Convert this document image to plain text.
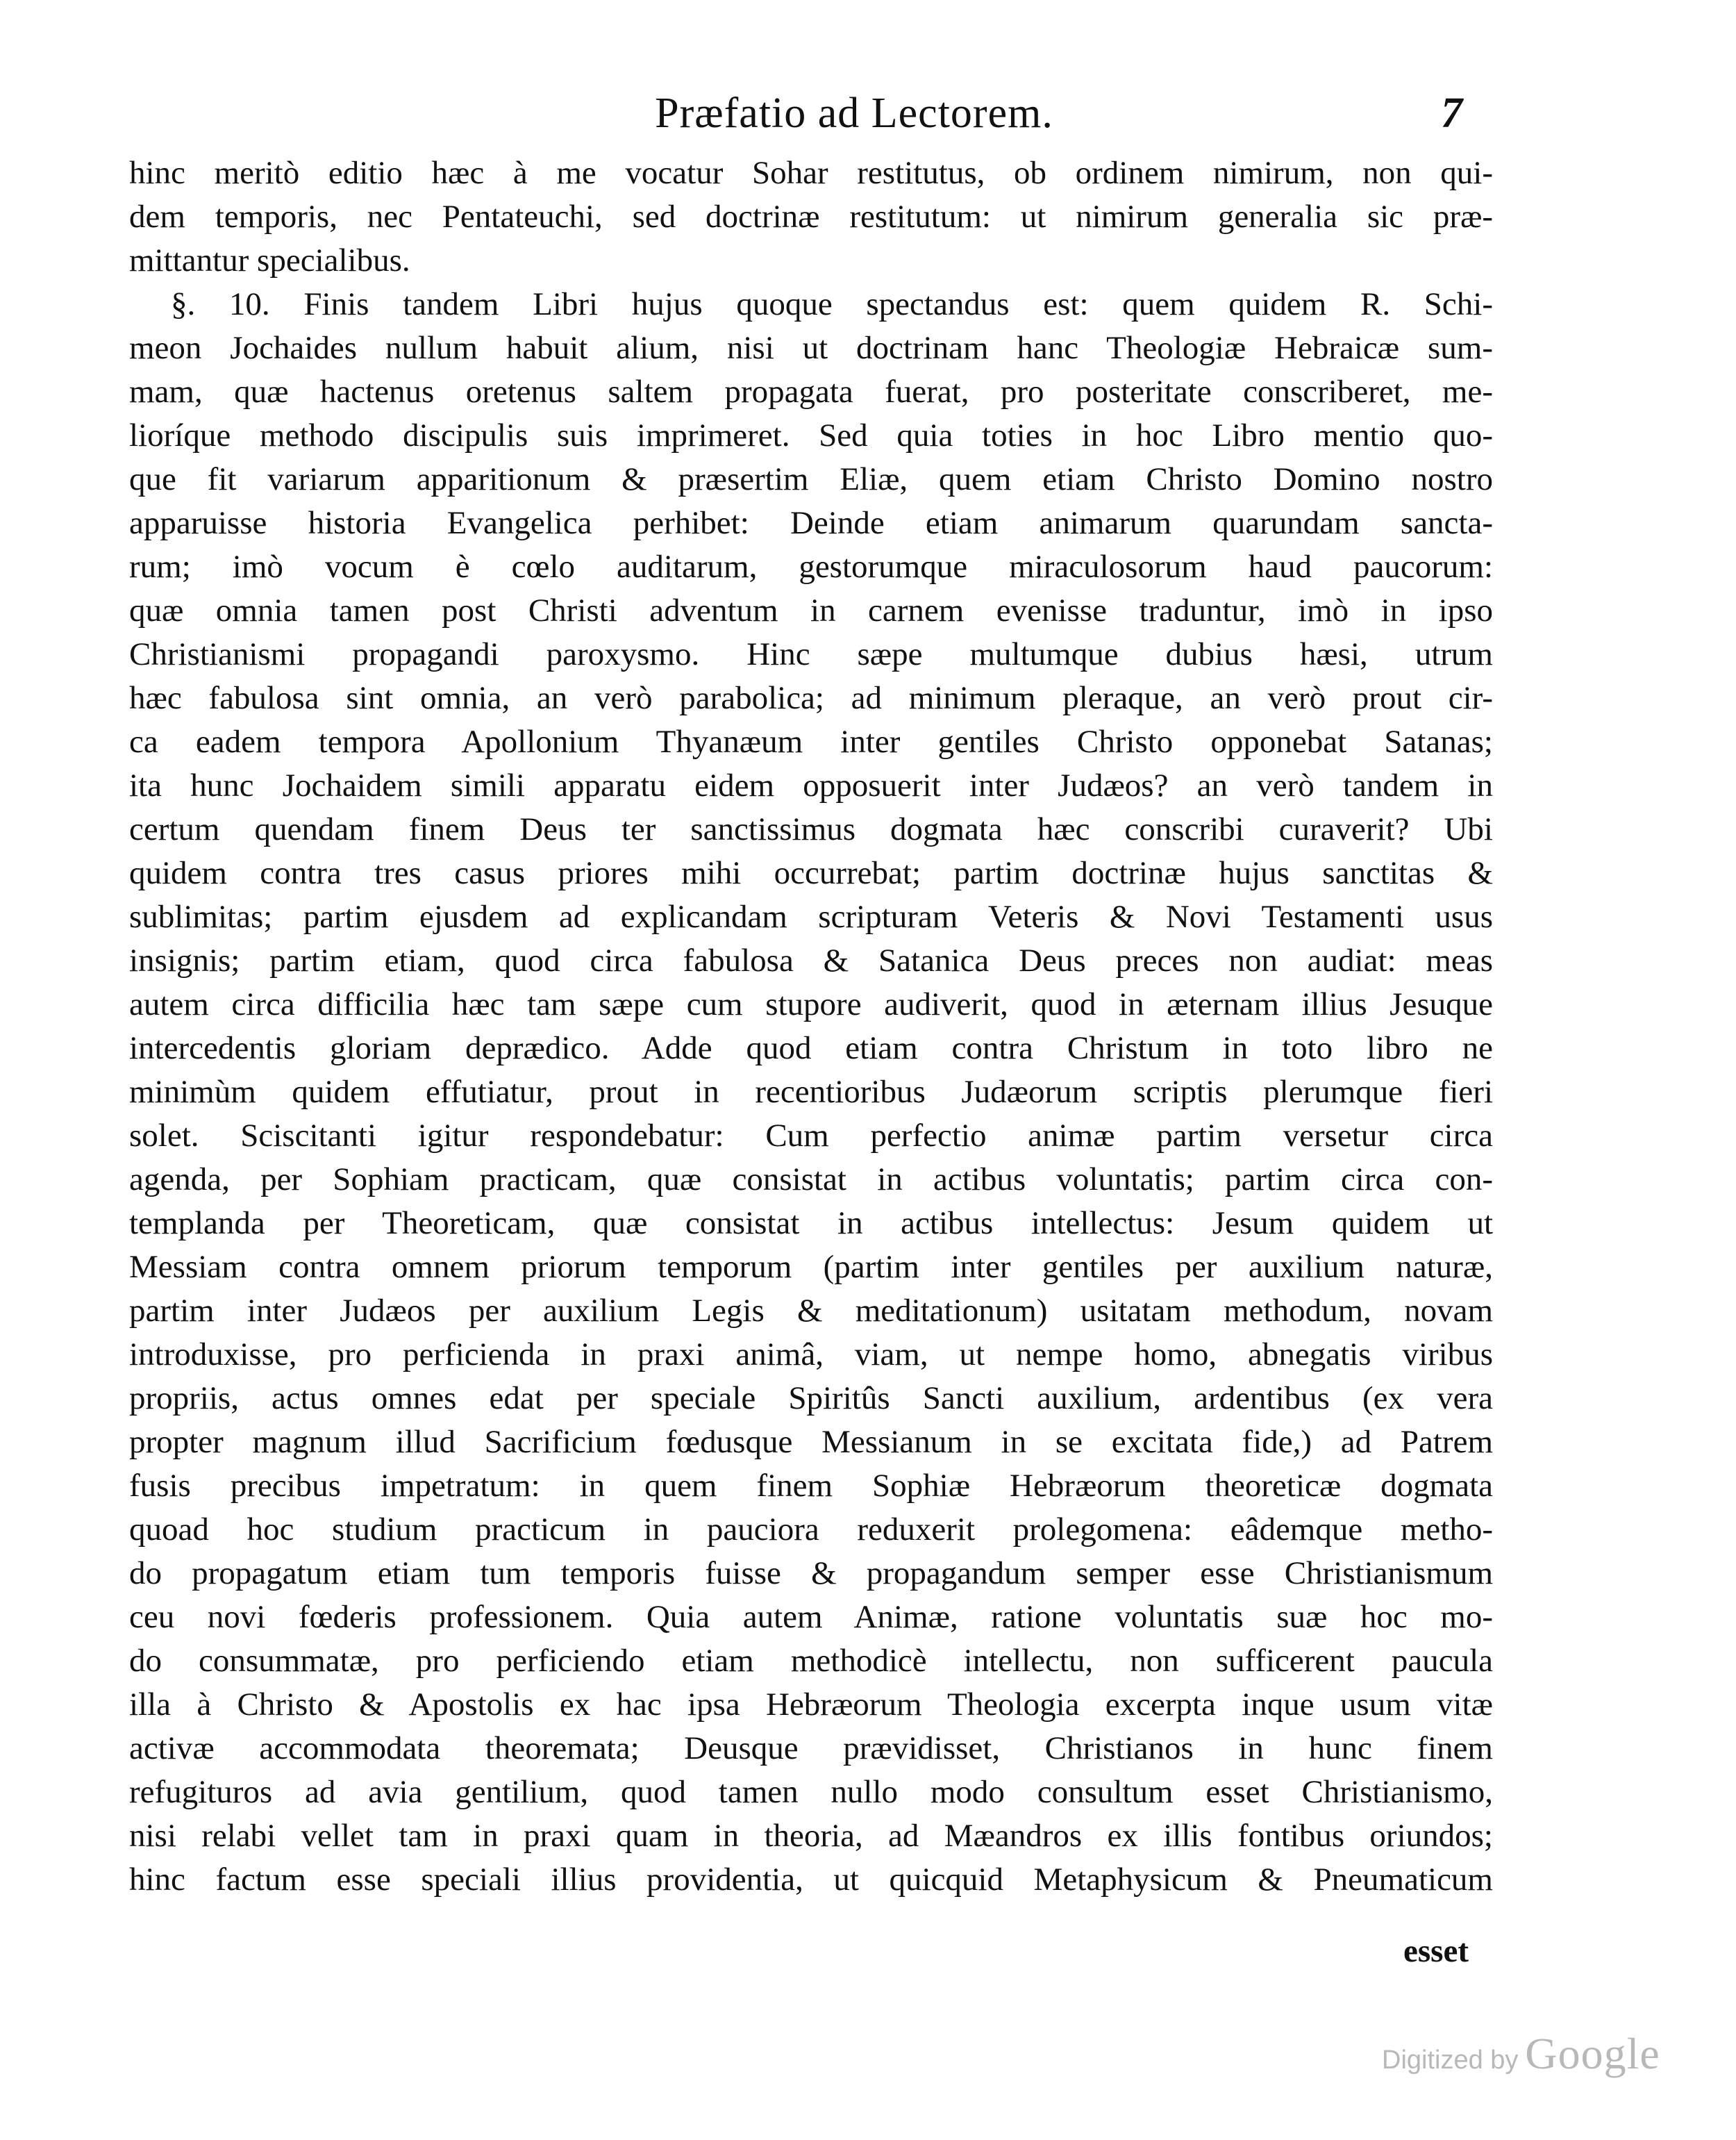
Præfatio ad Lectorem.	7
hinc meritò editio hæc à me vocatur Sohar restitutus, ob ordinem nimirum, non qui-
dem temporis, nec Pentateuchi, sed doctrinæ restitutum: ut nimirum generalia sic præ-
mittantur specialibus.
§. 10. Finis tandem Libri hujus quoque spectandus est: quem quidem R. Schi-
meon Jochaides nullum habuit alium, nisi ut doctrinam hanc Theologiæ Hebraicæ sum-
mam, quæ hactenus oretenus saltem propagata fuerat, pro posteritate conscriberet, me-
lioríque methodo discipulis suis imprimeret. Sed quia toties in hoc Libro mentio quo-
que fit variarum apparitionum & præsertim Eliæ, quem etiam Christo Domino nostro
apparuisse historia Evangelica perhibet: Deinde etiam animarum quarundam sancta-
rum; imò vocum è cœlo auditarum, gestorumque miraculosorum haud paucorum:
quæ omnia tamen post Christi adventum in carnem evenisse traduntur, imò in ipso
Christianismi propagandi paroxysmo. Hinc sæpe multumque dubius hæsi, utrum
hæc fabulosa sint omnia, an verò parabolica; ad minimum pleraque, an verò prout cir-
ca eadem tempora Apollonium Thyanæum inter gentiles Christo opponebat Satanas;
ita hunc Jochaidem simili apparatu eidem opposuerit inter Judæos? an verò tandem in
certum quendam finem Deus ter sanctissimus dogmata hæc conscribi curaverit? Ubi
quidem contra tres casus priores mihi occurrebat; partim doctrinæ hujus sanctitas &
sublimitas; partim ejusdem ad explicandam scripturam Veteris & Novi Testamenti usus
insignis; partim etiam, quod circa fabulosa & Satanica Deus preces non audiat: meas
autem circa difficilia hæc tam sæpe cum stupore audiverit, quod in æternam illius Jesuque
intercedentis gloriam deprædico. Adde quod etiam contra Christum in toto libro ne
minimùm quidem effutiatur, prout in recentioribus Judæorum scriptis plerumque fieri
solet. Sciscitanti igitur respondebatur: Cum perfectio animæ partim versetur circa
agenda, per Sophiam practicam, quæ consistat in actibus voluntatis; partim circa con-
templanda per Theoreticam, quæ consistat in actibus intellectus: Jesum quidem ut
Messiam contra omnem priorum temporum (partim inter gentiles per auxilium naturæ,
partim inter Judæos per auxilium Legis & meditationum) usitatam methodum, novam
introduxisse, pro perficienda in praxi animâ, viam, ut nempe homo, abnegatis viribus
propriis, actus omnes edat per speciale Spiritûs Sancti auxilium, ardentibus (ex vera
propter magnum illud Sacrificium fœdusque Messianum in se excitata fide,) ad Patrem
fusis precibus impetratum: in quem finem Sophiæ Hebræorum theoreticæ dogmata
quoad hoc studium practicum in pauciora reduxerit prolegomena: eâdemque metho-
do propagatum etiam tum temporis fuisse & propagandum semper esse Christianismum
ceu novi fœderis professionem. Quia autem Animæ, ratione voluntatis suæ hoc mo-
do consummatæ, pro perficiendo etiam methodicè intellectu, non sufficerent paucula
illa à Christo & Apostolis ex hac ipsa Hebræorum Theologia excerpta inque usum vitæ
activæ accommodata theoremata; Deusque prævidisset, Christianos in hunc finem
refugituros ad avia gentilium, quod tamen nullo modo consultum esset Christianismo,
nisi relabi vellet tam in praxi quam in theoria, ad Mæandros ex illis fontibus oriundos;
hinc factum esse speciali illius providentia, ut quicquid Metaphysicum & Pneumaticum
esset
Digitized by Google
